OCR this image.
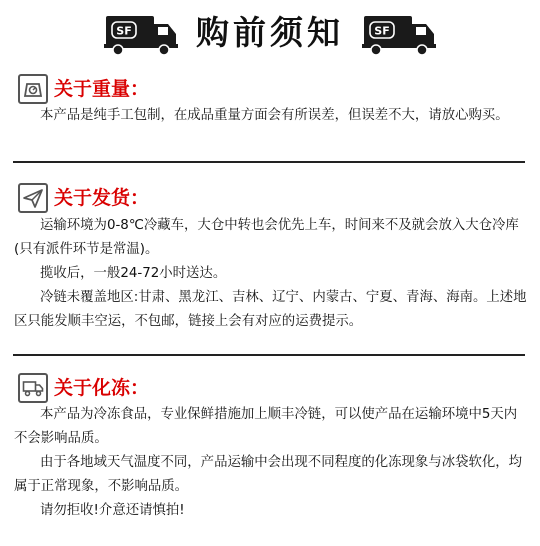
SF	购前须知	SF
关于重量：

本产品是纯手工包制，在成品重量方面会有所误差，但误差不大，请放心购买。

关于发货：

运输环境为0-8℃冷藏车，大仓中转也会优先上车，时间来不及就会放入大仓冷库(只有派件环节是常温)。

揽收后，一般24-72小时送达。

冷链未覆盖地区:甘肃、黑龙江、吉林、辽宁、内蒙古、宁夏、青海、海南。上述地区只能发顺丰空运，不包邮，链接上会有对应的运费提示。

关于化冻：

本产品为冷冻食品，专业保鲜措施加上顺丰冷链，可以使产品在运输环境中5天内不会影响品质。

由于各地域天气温度不同，产品运输中会出现不同程度的化冻现象与冰袋软化，均属于正常现象，不影响品质。

请勿拒收!介意还请慎拍!
